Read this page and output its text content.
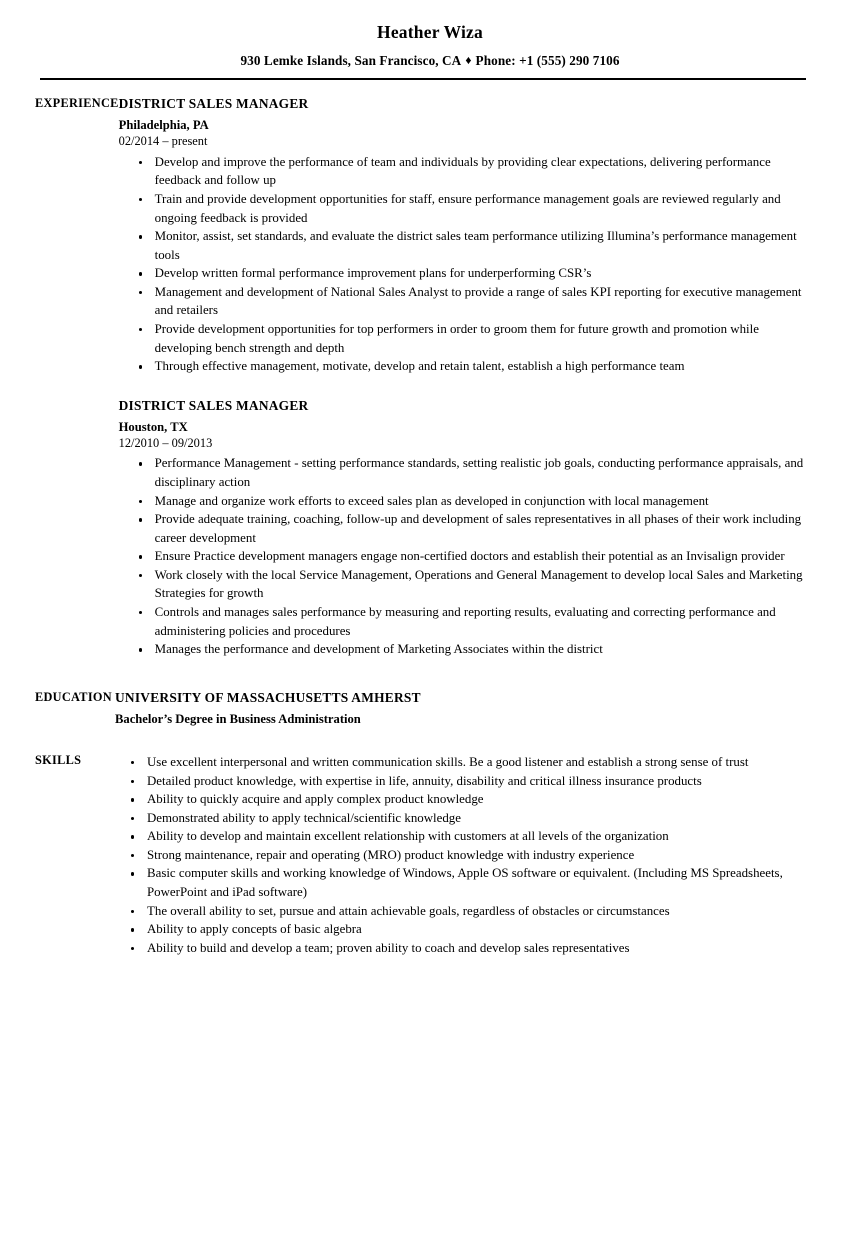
Heather Wiza
930 Lemke Islands, San Francisco, CA ♦ Phone: +1 (555) 290 7106
EXPERIENCE DISTRICT SALES MANAGER
Philadelphia, PA
02/2014 – present
Develop and improve the performance of team and individuals by providing clear expectations, delivering performance feedback and follow up
Train and provide development opportunities for staff, ensure performance management goals are reviewed regularly and ongoing feedback is provided
Monitor, assist, set standards, and evaluate the district sales team performance utilizing Illumina’s performance management tools
Develop written formal performance improvement plans for underperforming CSR’s
Management and development of National Sales Analyst to provide a range of sales KPI reporting for executive management and retailers
Provide development opportunities for top performers in order to groom them for future growth and promotion while developing bench strength and depth
Through effective management, motivate, develop and retain talent, establish a high performance team
DISTRICT SALES MANAGER
Houston, TX
12/2010 – 09/2013
Performance Management - setting performance standards, setting realistic job goals, conducting performance appraisals, and disciplinary action
Manage and organize work efforts to exceed sales plan as developed in conjunction with local management
Provide adequate training, coaching, follow-up and development of sales representatives in all phases of their work including career development
Ensure Practice development managers engage non-certified doctors and establish their potential as an Invisalign provider
Work closely with the local Service Management, Operations and General Management to develop local Sales and Marketing Strategies for growth
Controls and manages sales performance by measuring and reporting results, evaluating and correcting performance and administering policies and procedures
Manages the performance and development of Marketing Associates within the district
EDUCATION UNIVERSITY OF MASSACHUSETTS AMHERST
Bachelor’s Degree in Business Administration
SKILLS	Use excellent interpersonal and written communication skills. Be a good listener and establish a strong sense of trust
Detailed product knowledge, with expertise in life, annuity, disability and critical illness insurance products
Ability to quickly acquire and apply complex product knowledge
Demonstrated ability to apply technical/scientific knowledge
Ability to develop and maintain excellent relationship with customers at all levels of the organization
Strong maintenance, repair and operating (MRO) product knowledge with industry experience
Basic computer skills and working knowledge of Windows, Apple OS software or equivalent. (Including MS Spreadsheets, PowerPoint and iPad software)
The overall ability to set, pursue and attain achievable goals, regardless of obstacles or circumstances
Ability to apply concepts of basic algebra
Ability to build and develop a team; proven ability to coach and develop sales representatives
